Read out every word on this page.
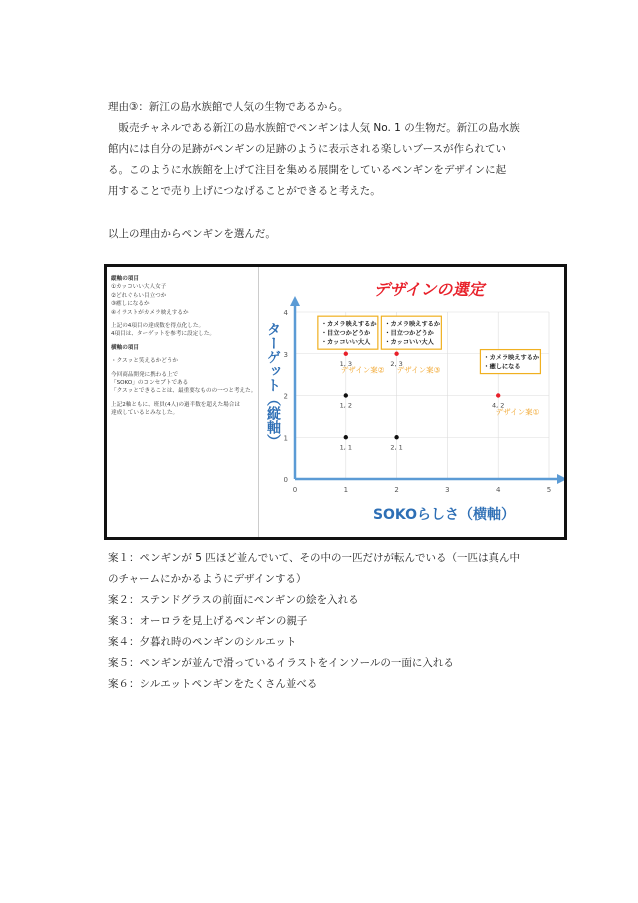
理由③：新江の島水族館で人気の生物であるから。
　販売チャネルである新江の島水族館でペンギンは人気 No. 1 の生物だ。新江の島水族
館内には自分の足跡がペンギンの足跡のように表示される楽しいブースが作られてい
る。このように水族館を上げて注目を集める展開をしているペンギンをデザインに起
用することで売り上げにつなげることができると考えた。
以上の理由からペンギンを選んだ。
縦軸の項目
①カッコいい大人女子
②どれぐらい目立つか
③癒しになるか
④イラストがカメラ映えするか
上記の4項目の達成数を得点化した。
4項目は、ターゲットを参考に設定した。
横軸の項目
・クスッと笑えるかどうか
今回商品開発に携わる上で
「SOKO」のコンセプトである
「クスッとできることは、最重要なものの一つと考えた。
上記2軸ともに、班員(4人)の過半数を超えた場合は
達成しているとみなした。
0	1	2	3	4	5
0
1
2
3
4
デザインの選定
SOKOらしさ（横軸）
ターゲット（縦軸）	・カメラ映えするか
・目立つかどうか
・カッコいい大人
・カメラ映えするか
・目立つかどうか
・カッコいい大人
・カメラ映えするか
・癒しになる
デザイン案② デザイン案③
デザイン案①
1, 1	2, 1
1, 2
1, 3	2, 3
4, 2
案１：ペンギンが 5 匹ほど並んでいて、その中の一匹だけが転んでいる（一匹は真ん中
のチャームにかかるようにデザインする）
案２：ステンドグラスの前面にペンギンの絵を入れる
案３：オーロラを見上げるペンギンの親子
案４：夕暮れ時のペンギンのシルエット
案５：ペンギンが並んで滑っているイラストをインソールの一面に入れる
案６：シルエットペンギンをたくさん並べる
